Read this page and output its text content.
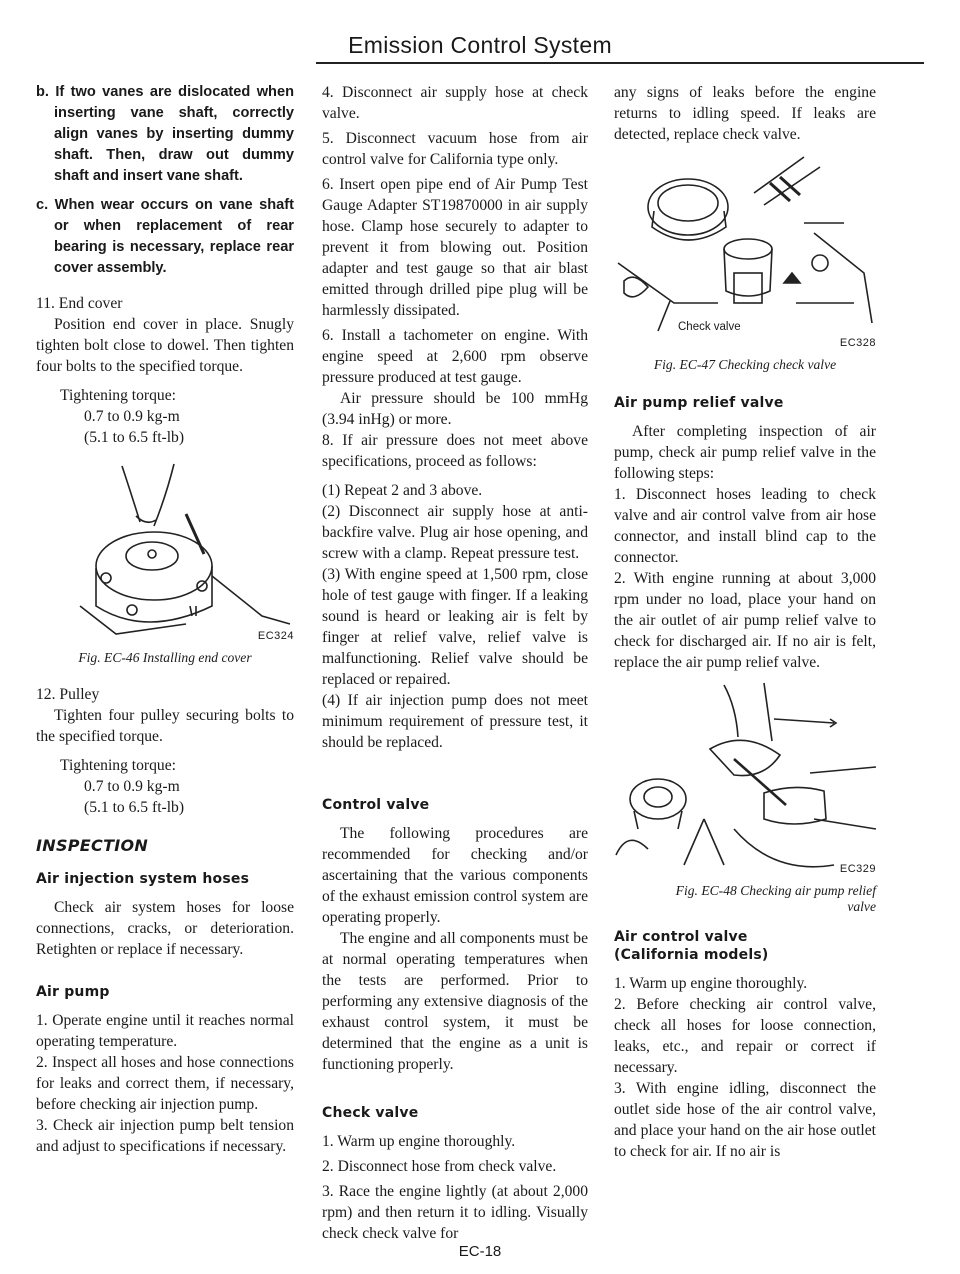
Emission Control System

b. If two vanes are dislocated when inserting vane shaft, correctly align vanes by inserting dummy shaft. Then, draw out dummy shaft and insert vane shaft.

c. When wear occurs on vane shaft or when replacement of rear bearing is necessary, replace rear cover assembly.

11. End cover

Position end cover in place. Snugly tighten bolt close to dowel. Then tighten four bolts to the specified torque.

Tightening torque:
0.7 to 0.9 kg-m
(5.1 to 6.5 ft-lb)
EC324
Fig. EC-46 Installing end cover

12. Pulley

Tighten four pulley securing bolts to the specified torque.

Tightening torque:
0.7 to 0.9 kg-m
(5.1 to 6.5 ft-lb)
INSPECTION
Air injection system hoses

Check air system hoses for loose connections, cracks, or deterioration. Retighten or replace if necessary.

Air pump

1. Operate engine until it reaches normal operating temperature.

2. Inspect all hoses and hose connections for leaks and correct them, if necessary, before checking air injection pump.

3. Check air injection pump belt tension and adjust to specifications if necessary.

4. Disconnect air supply hose at check valve.

5. Disconnect vacuum hose from air control valve for California type only.

6. Insert open pipe end of Air Pump Test Gauge Adapter ST19870000 in air supply hose. Clamp hose securely to adapter to prevent it from blowing out. Position adapter and test gauge so that air blast emitted through drilled pipe plug will be harmlessly dissipated.

6. Install a tachometer on engine. With engine speed at 2,600 rpm observe pressure produced at test gauge.

Air pressure should be 100 mmHg (3.94 inHg) or more.

8. If air pressure does not meet above specifications, proceed as follows:

(1) Repeat 2 and 3 above.

(2) Disconnect air supply hose at anti-backfire valve. Plug air hose opening, and screw with a clamp. Repeat pressure test.

(3) With engine speed at 1,500 rpm, close hole of test gauge with finger. If a leaking sound is heard or leaking air is felt by finger at relief valve, relief valve is malfunctioning. Relief valve should be replaced or repaired.

(4) If air injection pump does not meet minimum requirement of pressure test, it should be replaced.

Control valve

The following procedures are recommended for checking and/or ascertaining that the various components of the exhaust emission control system are operating properly.

The engine and all components must be at normal operating temperatures when the tests are performed. Prior to performing any extensive diagnosis of the exhaust control system, it must be determined that the engine as a unit is functioning properly.

Check valve

1. Warm up engine thoroughly.

2. Disconnect hose from check valve.

3. Race the engine lightly (at about 2,000 rpm) and then return it to idling. Visually check check valve for

any signs of leaks before the engine returns to idling speed. If leaks are detected, replace check valve.

Check valve
EC328
Fig. EC-47 Checking check valve
Air pump relief valve

After completing inspection of air pump, check air pump relief valve in the following steps:

1. Disconnect hoses leading to check valve and air control valve from air hose connector, and install blind cap to the connector.

2. With engine running at about 3,000 rpm under no load, place your hand on the air outlet of air pump relief valve to check for discharged air. If no air is felt, replace the air pump relief valve.

EC329
Fig. EC-48 Checking air pump relief
valve
Air control valve
(California models)

1. Warm up engine thoroughly.

2. Before checking air control valve, check all hoses for loose connection, leaks, etc., and repair or correct if necessary.

3. With engine idling, disconnect the outlet side hose of the air control valve, and place your hand on the air hose outlet to check for air. If no air is

EC-18
